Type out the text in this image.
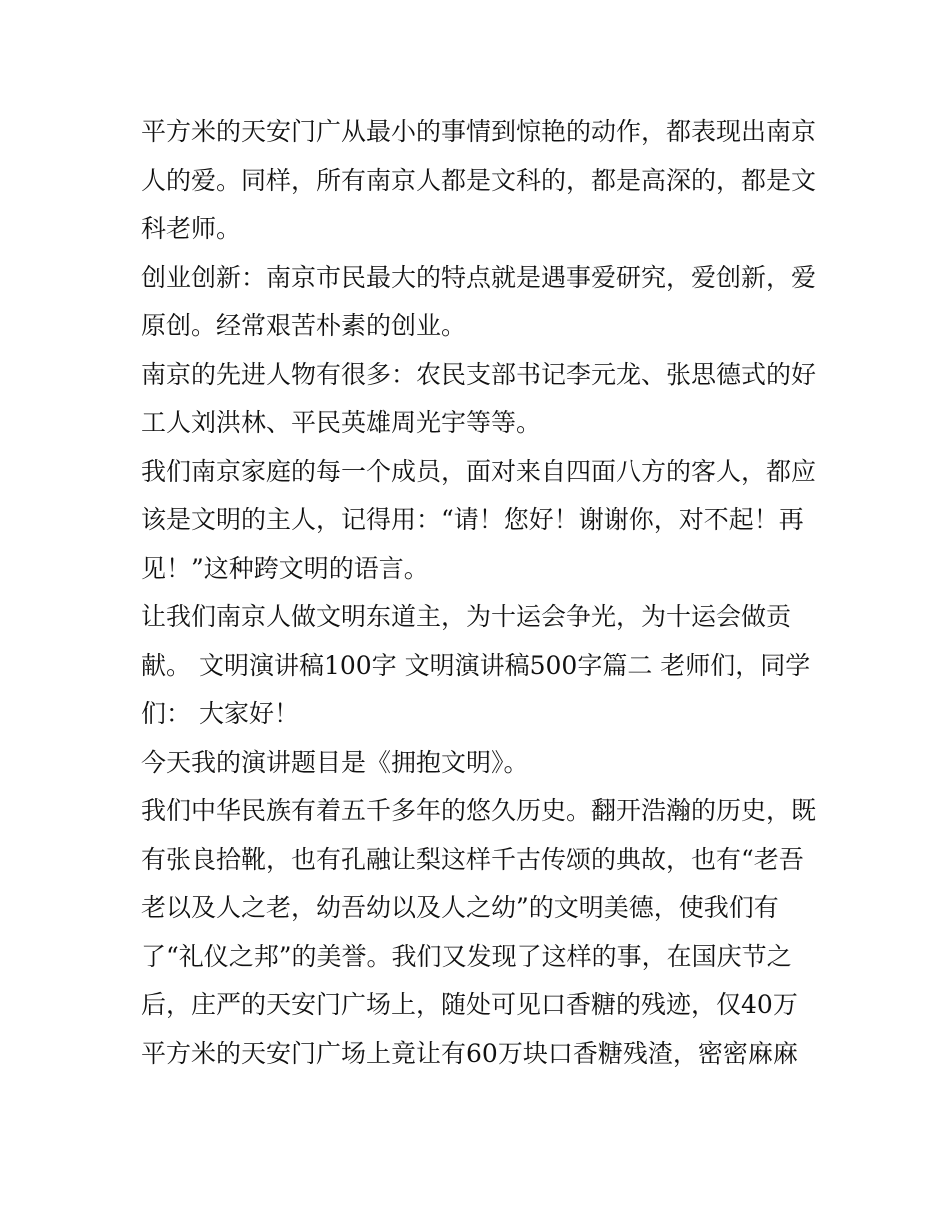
平方米的天安门广从最小的事情到惊艳的动作，都表现出南京
人的爱。同样，所有南京人都是文科的，都是高深的，都是文
科老师。
创业创新：南京市民最大的特点就是遇事爱研究，爱创新，爱
原创。经常艰苦朴素的创业。
南京的先进人物有很多：农民支部书记李元龙、张思德式的好
工人刘洪林、平民英雄周光宇等等。
我们南京家庭的每一个成员，面对来自四面八方的客人，都应
该是文明的主人，记得用：“请！您好！谢谢你，对不起！再
见！”这种跨文明的语言。
让我们南京人做文明东道主，为十运会争光，为十运会做贡
献。 文明演讲稿100字 文明演讲稿500字篇二 老师们，同学
们： 大家好！
今天我的演讲题目是《拥抱文明》。
我们中华民族有着五千多年的悠久历史。翻开浩瀚的历史，既
有张良拾靴，也有孔融让梨这样千古传颂的典故，也有“老吾
老以及人之老，幼吾幼以及人之幼”的文明美德，使我们有
了“礼仪之邦”的美誉。我们又发现了这样的事，在国庆节之
后，庄严的天安门广场上，随处可见口香糖的残迹，仅40万
平方米的天安门广场上竟让有60万块口香糖残渣，密密麻麻
